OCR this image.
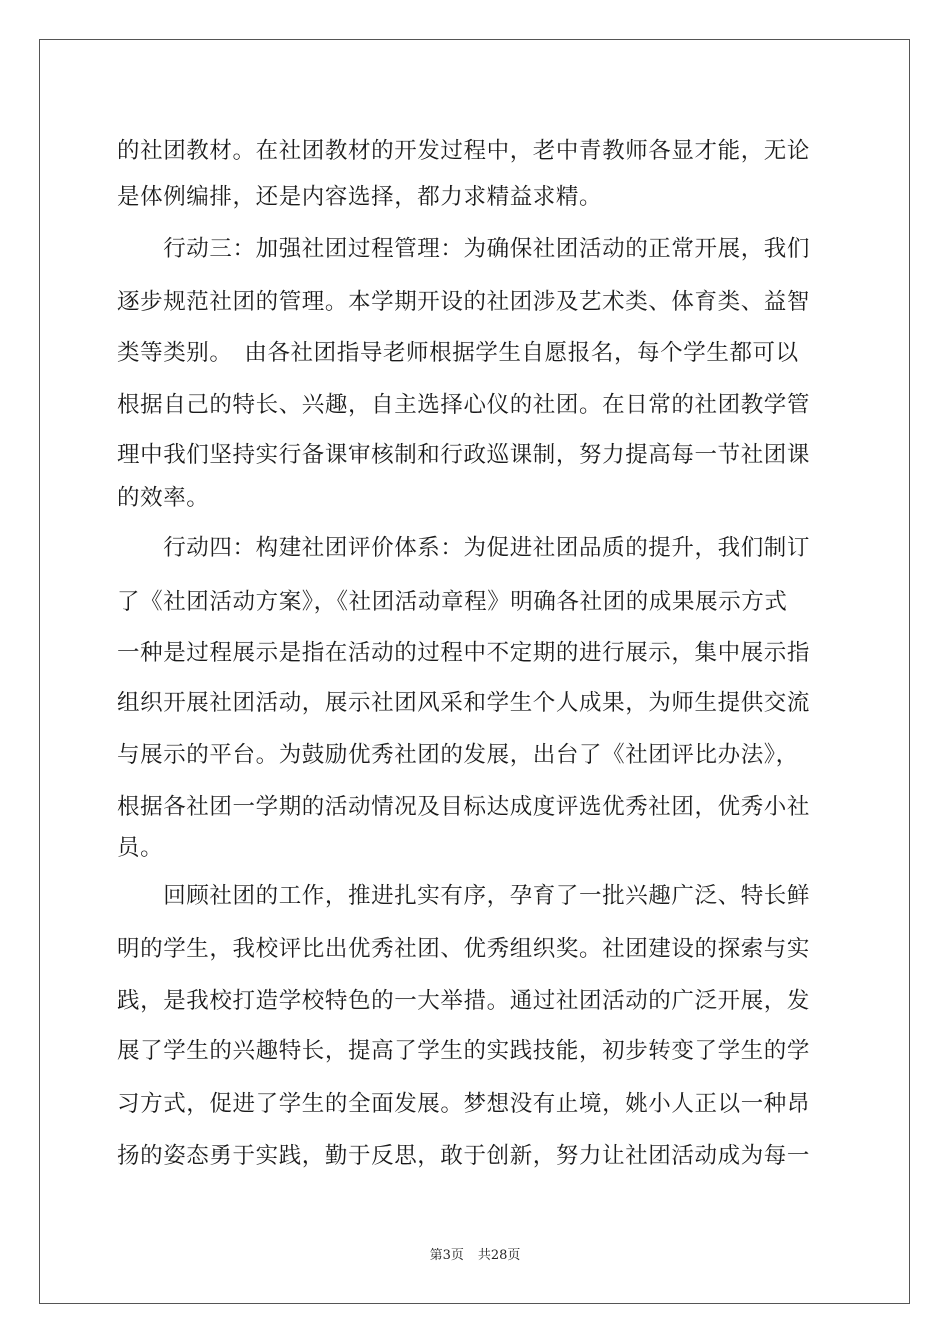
的社团教材。在社团教材的开发过程中，老中青教师各显才能，无论
是体例编排，还是内容选择，都力求精益求精。
　　行动三：加强社团过程管理：为确保社团活动的正常开展，我们
逐步规范社团的管理。本学期开设的社团涉及艺术类、体育类、益智
类等类别。　由各社团指导老师根据学生自愿报名，每个学生都可以
根据自己的特长、兴趣，自主选择心仪的社团。在日常的社团教学管
理中我们坚持实行备课审核制和行政巡课制，努力提高每一节社团课
的效率。
　　行动四：构建社团评价体系：为促进社团品质的提升，我们制订
了《社团活动方案》，《社团活动章程》明确各社团的成果展示方式
一种是过程展示是指在活动的过程中不定期的进行展示，集中展示指
组织开展社团活动，展示社团风采和学生个人成果，为师生提供交流
与展示的平台。为鼓励优秀社团的发展，出台了《社团评比办法》，
根据各社团一学期的活动情况及目标达成度评选优秀社团，优秀小社
员。
　　回顾社团的工作，推进扎实有序，孕育了一批兴趣广泛、特长鲜
明的学生，我校评比出优秀社团、优秀组织奖。社团建设的探索与实
践，是我校打造学校特色的一大举措。通过社团活动的广泛开展，发
展了学生的兴趣特长，提高了学生的实践技能，初步转变了学生的学
习方式，促进了学生的全面发展。梦想没有止境，姚小人正以一种昂
扬的姿态勇于实践，勤于反思，敢于创新，努力让社团活动成为每一
第3页 共28页
